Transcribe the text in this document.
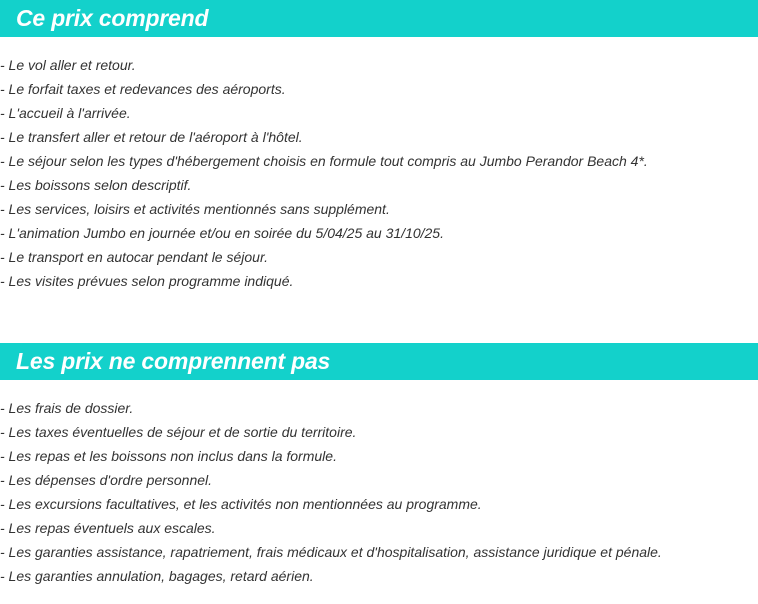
Ce prix comprend
- Le vol aller et retour.
- Le forfait taxes et redevances des aéroports.
- L'accueil à l'arrivée.
- Le transfert aller et retour de l'aéroport à l'hôtel.
- Le séjour selon les types d'hébergement choisis en formule tout compris au Jumbo Perandor Beach 4*.
- Les boissons selon descriptif.
- Les services, loisirs et activités mentionnés sans supplément.
- L'animation Jumbo en journée et/ou en soirée du 5/04/25 au 31/10/25.
- Le transport en autocar pendant le séjour.
- Les visites prévues selon programme indiqué.
Les prix ne comprennent pas
- Les frais de dossier.
- Les taxes éventuelles de séjour et de sortie du territoire.
- Les repas et les boissons non inclus dans la formule.
- Les dépenses d'ordre personnel.
- Les excursions facultatives, et les activités non mentionnées au programme.
- Les repas éventuels aux escales.
- Les garanties assistance, rapatriement, frais médicaux et d'hospitalisation, assistance juridique et pénale.
- Les garanties annulation, bagages, retard aérien.
